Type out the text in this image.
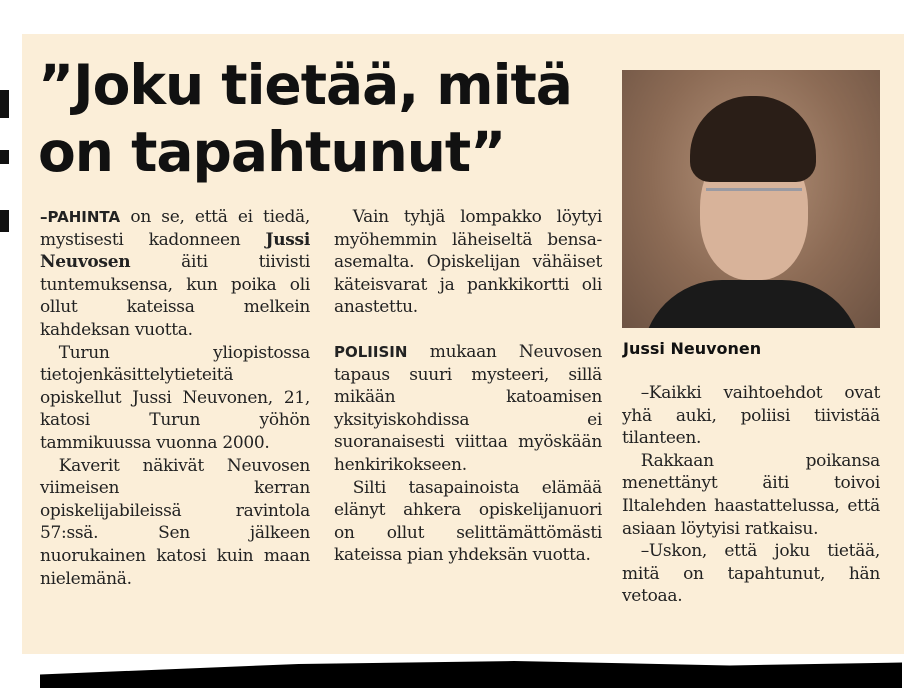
”Joku tietää, mitä
on tapahtunut”
Jussi Neuvonen

–PAHINTA on se, että ei tiedä, mystisesti kadonneen Jussi Neuvosen äiti tiivisti tuntemuksensa, kun poika oli ollut kateissa melkein kahdeksan vuotta.

Turun yliopistossa tietojenkäsittelytieteitä opiskellut Jussi Neuvonen, 21, katosi Turun yöhön tammikuussa vuonna 2000.

Kaverit näkivät Neuvosen viimeisen kerran opiskelijabileissä ravintola 57:ssä. Sen jälkeen nuorukainen katosi kuin maan nielemänä.

Vain tyhjä lompakko löytyi myöhemmin läheiseltä bensa-asemalta. Opiskelijan vähäiset käteisvarat ja pankkikortti oli anastettu.

POLIISIN mukaan Neuvosen tapaus suuri mysteeri, sillä mikään katoamisen yksityiskohdissa ei suoranaisesti viittaa myöskään henkirikokseen.

Silti tasapainoista elämää elänyt ahkera opiskelijanuori on ollut selittämättömästi kateissa pian yhdeksän vuotta.

–Kaikki vaihtoehdot ovat yhä auki, poliisi tiivistää tilanteen.

Rakkaan poikansa menettänyt äiti toivoi Iltalehden haastattelussa, että asiaan löytyisi ratkaisu.

–Uskon, että joku tietää, mitä on tapahtunut, hän vetoaa.
